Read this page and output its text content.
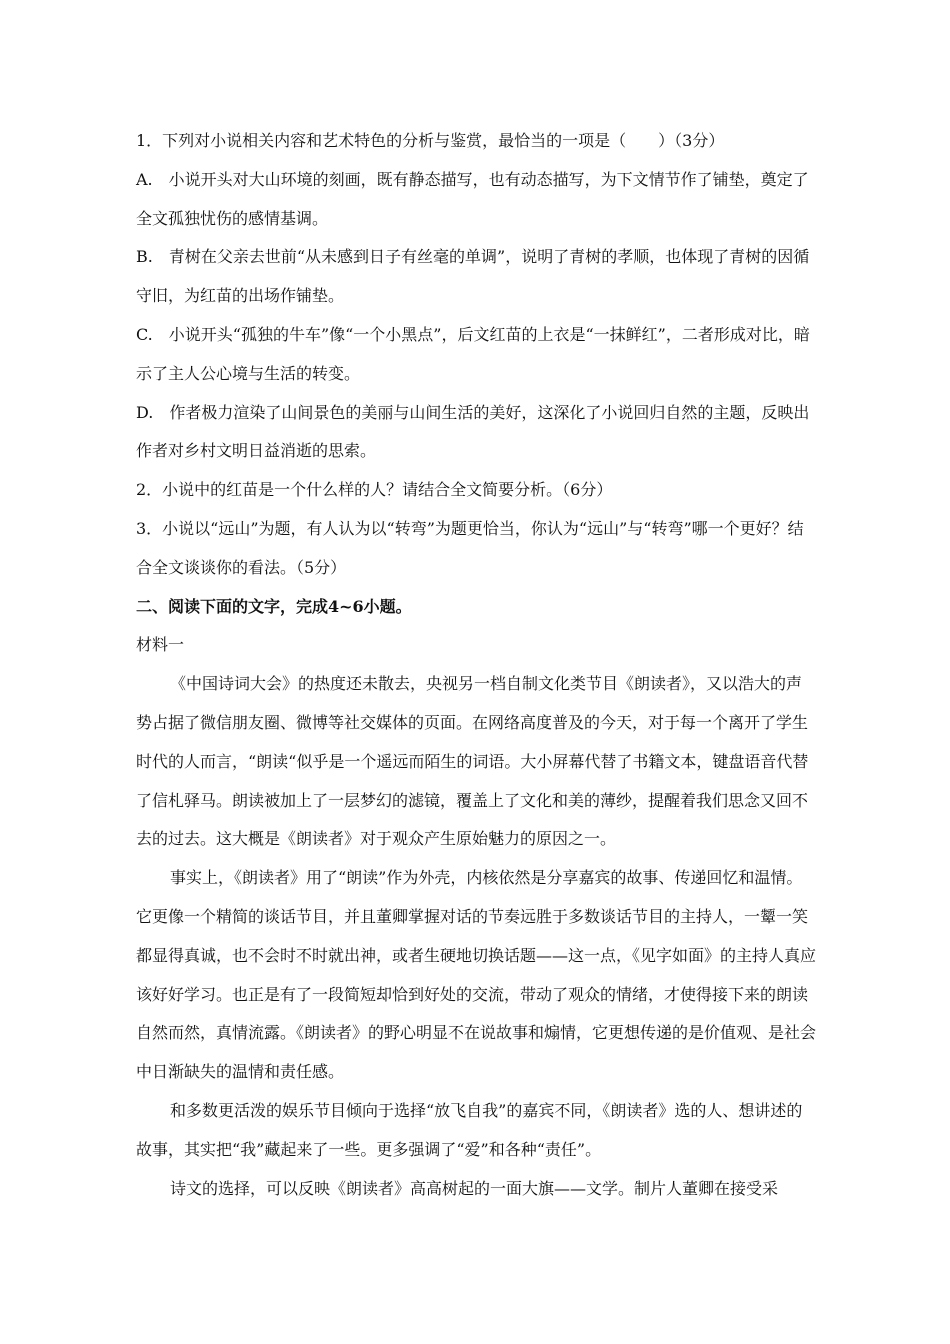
1．下列对小说相关内容和艺术特色的分析与鉴赏，最恰当的一项是（　　）（3分）

A.　小说开头对大山环境的刻画，既有静态描写，也有动态描写，为下文情节作了铺垫，奠定了全文孤独忧伤的感情基调。

B.　青树在父亲去世前“从未感到日子有丝毫的单调”，说明了青树的孝顺，也体现了青树的因循守旧，为红苗的出场作铺垫。

C.　小说开头“孤独的牛车”像“一个小黑点”，后文红苗的上衣是“一抹鲜红”，二者形成对比，暗示了主人公心境与生活的转变。

D.　作者极力渲染了山间景色的美丽与山间生活的美好，这深化了小说回归自然的主题，反映出作者对乡村文明日益消逝的思索。

2．小说中的红苗是一个什么样的人？请结合全文简要分析。（6分）

3．小说以“远山”为题，有人认为以“转弯”为题更恰当，你认为“远山”与“转弯”哪一个更好？结合全文谈谈你的看法。（5分）

二、阅读下面的文字，完成4~6小题。

材料一

《中国诗词大会》的热度还未散去，央视另一档自制文化类节目《朗读者》，又以浩大的声势占据了微信朋友圈、微博等社交媒体的页面。在网络高度普及的今天，对于每一个离开了学生时代的人而言，“朗读“似乎是一个遥远而陌生的词语。大小屏幕代替了书籍文本，键盘语音代替了信札驿马。朗读被加上了一层梦幻的滤镜，覆盖上了文化和美的薄纱，提醒着我们思念又回不去的过去。这大概是《朗读者》对于观众产生原始魅力的原因之一。

事实上，《朗读者》用了“朗读”作为外壳，内核依然是分享嘉宾的故事、传递回忆和温情。它更像一个精简的谈话节目，并且董卿掌握对话的节奏远胜于多数谈话节目的主持人，一颦一笑都显得真诚，也不会时不时就出神，或者生硬地切换话题——这一点，《见字如面》的主持人真应该好好学习。也正是有了一段简短却恰到好处的交流，带动了观众的情绪，才使得接下来的朗读自然而然，真情流露。《朗读者》的野心明显不在说故事和煽情，它更想传递的是价值观、是社会中日渐缺失的温情和责任感。

和多数更活泼的娱乐节目倾向于选择“放飞自我”的嘉宾不同，《朗读者》选的人、想讲述的故事，其实把“我”藏起来了一些。更多强调了“爱”和各种“责任”。

诗文的选择，可以反映《朗读者》高高树起的一面大旗——文学。制片人董卿在接受采
